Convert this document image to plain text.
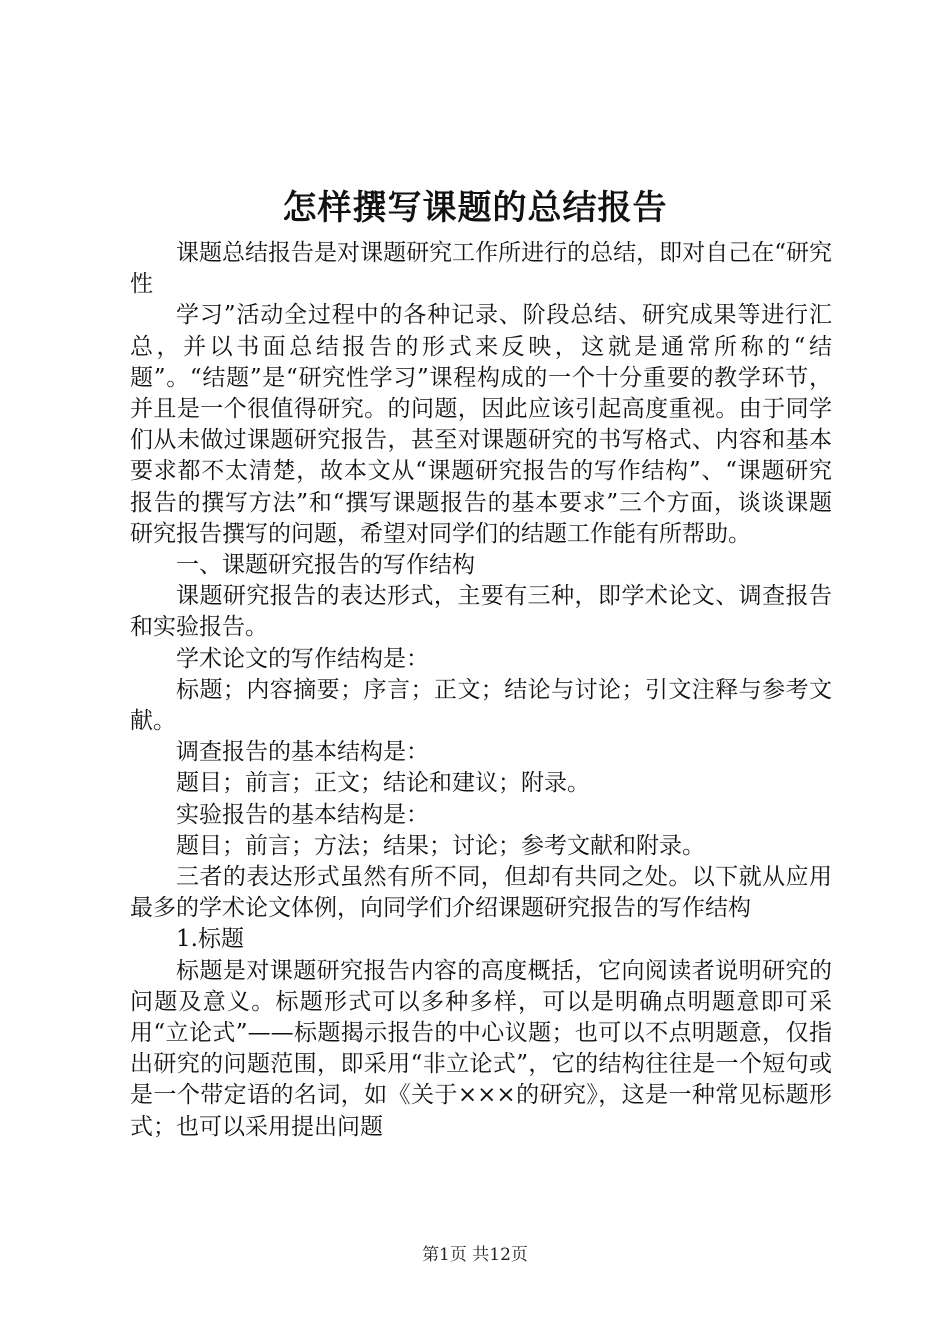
怎样撰写课题的总结报告

课题总结报告是对课题研究工作所进行的总结，即对自己在“研究性

学习”活动全过程中的各种记录、阶段总结、研究成果等进行汇总，并以书面总结报告的形式来反映，这就是通常所称的“结题”。“结题”是“研究性学习”课程构成的一个十分重要的教学环节，并且是一个很值得研究。的问题，因此应该引起高度重视。由于同学们从未做过课题研究报告，甚至对课题研究的书写格式、内容和基本要求都不太清楚，故本文从“课题研究报告的写作结构”、“课题研究报告的撰写方法”和“撰写课题报告的基本要求”三个方面，谈谈课题研究报告撰写的问题，希望对同学们的结题工作能有所帮助。

一、课题研究报告的写作结构

课题研究报告的表达形式，主要有三种，即学术论文、调查报告和实验报告。

学术论文的写作结构是：

标题；内容摘要；序言；正文；结论与讨论；引文注释与参考文献。

调查报告的基本结构是：

题目；前言；正文；结论和建议；附录。

实验报告的基本结构是：

题目；前言；方法；结果；讨论；参考文献和附录。

三者的表达形式虽然有所不同，但却有共同之处。以下就从应用最多的学术论文体例，向同学们介绍课题研究报告的写作结构

1.标题

标题是对课题研究报告内容的高度概括，它向阅读者说明研究的问题及意义。标题形式可以多种多样，可以是明确点明题意即可采用“立论式”——标题揭示报告的中心议题；也可以不点明题意，仅指出研究的问题范围，即采用“非立论式”，它的结构往往是一个短句或是一个带定语的名词，如《关于×××的研究》，这是一种常见标题形式；也可以采用提出问题

第1页 共12页
